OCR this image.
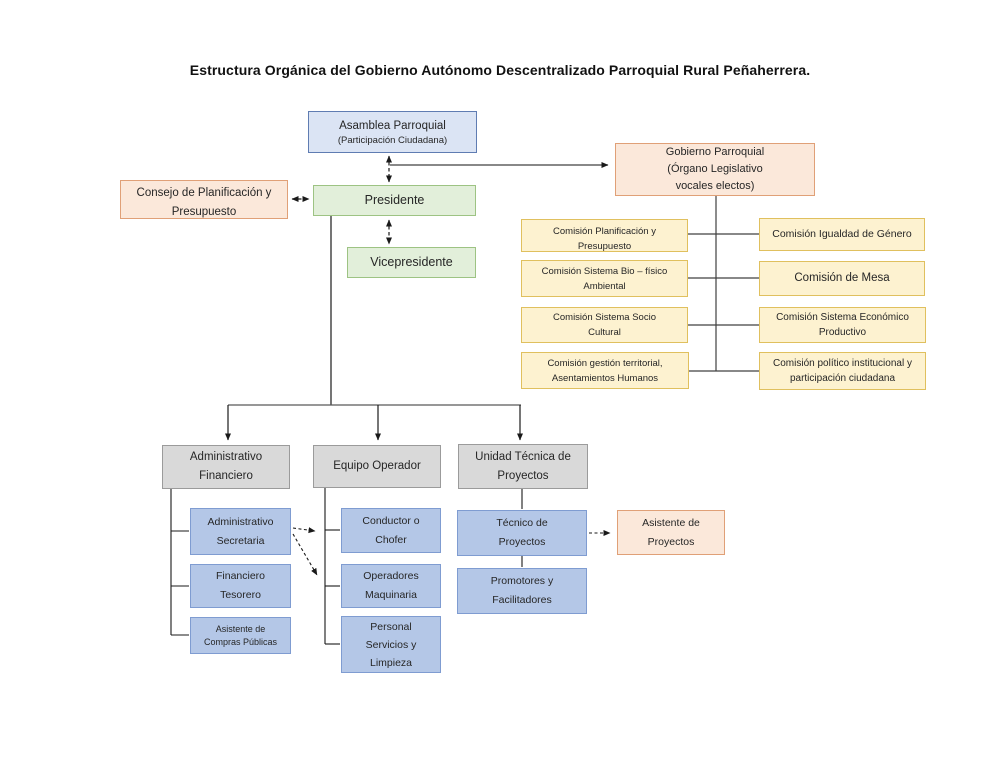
Estructura Orgánica del Gobierno Autónomo Descentralizado Parroquial Rural Peñaherrera.
Asamblea Parroquial
(Participación Ciudadana)
Gobierno Parroquial
(Órgano Legislativo
vocales electos)
Consejo de Planificación y
Presupuesto
Presidente
Vicepresidente
Comisión Planificación y
Presupuesto
Comisión Sistema Bio – físico
Ambiental
Comisión Sistema Socio
Cultural
Comisión gestión territorial,
Asentamientos Humanos
Comisión Igualdad de Género
Comisión de Mesa
Comisión Sistema Económico
Productivo
Comisión político institucional y
participación ciudadana
Administrativo
Financiero
Equipo Operador
Unidad Técnica de
Proyectos
Administrativo
Secretaria
Financiero
Tesorero
Asistente de
Compras Públicas
Conductor o
Chofer
Operadores
Maquinaria
Personal
Servicios y
Limpieza
Técnico de
Proyectos
Promotores y
Facilitadores
Asistente de
Proyectos
